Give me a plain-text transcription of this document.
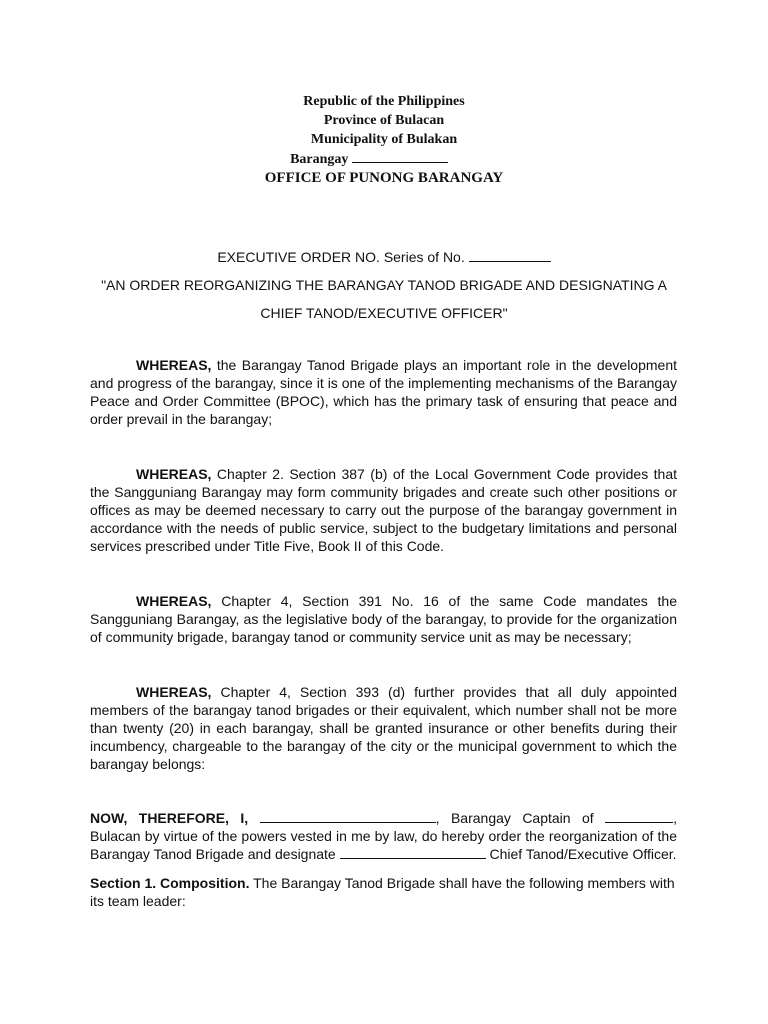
Republic of the Philippines
Province of Bulacan
Municipality of Bulakan
Barangay
OFFICE OF PUNONG BARANGAY
EXECUTIVE ORDER NO. Series of No.
"AN ORDER REORGANIZING THE BARANGAY TANOD BRIGADE AND DESIGNATING A
CHIEF TANOD/EXECUTIVE OFFICER"

WHEREAS, the Barangay Tanod Brigade plays an important role in the development and progress of the barangay, since it is one of the implementing mechanisms of the Barangay Peace and Order Committee (BPOC), which has the primary task of ensuring that peace and order prevail in the barangay;

WHEREAS, Chapter 2. Section 387 (b) of the Local Government Code provides that the Sangguniang Barangay may form community brigades and create such other positions or offices as may be deemed necessary to carry out the purpose of the barangay government in accordance with the needs of public service, subject to the budgetary limitations and personal services prescribed under Title Five, Book II of this Code.

WHEREAS, Chapter 4, Section 391 No. 16 of the same Code mandates the Sangguniang Barangay, as the legislative body of the barangay, to provide for the organization of community brigade, barangay tanod or community service unit as may be necessary;

WHEREAS, Chapter 4, Section 393 (d) further provides that all duly appointed members of the barangay tanod brigades or their equivalent, which number shall not be more than twenty (20) in each barangay, shall be granted insurance or other benefits during their incumbency, chargeable to the barangay of the city or the municipal government to which the barangay belongs:

NOW, THEREFORE, I,	, Barangay Captain of	, Bulacan by virtue of the powers vested in me by law, do hereby order the reorganization of the Barangay Tanod Brigade and designate	Chief Tanod/Executive Officer.

Section 1. Composition. The Barangay Tanod Brigade shall have the following members with its team leader:
